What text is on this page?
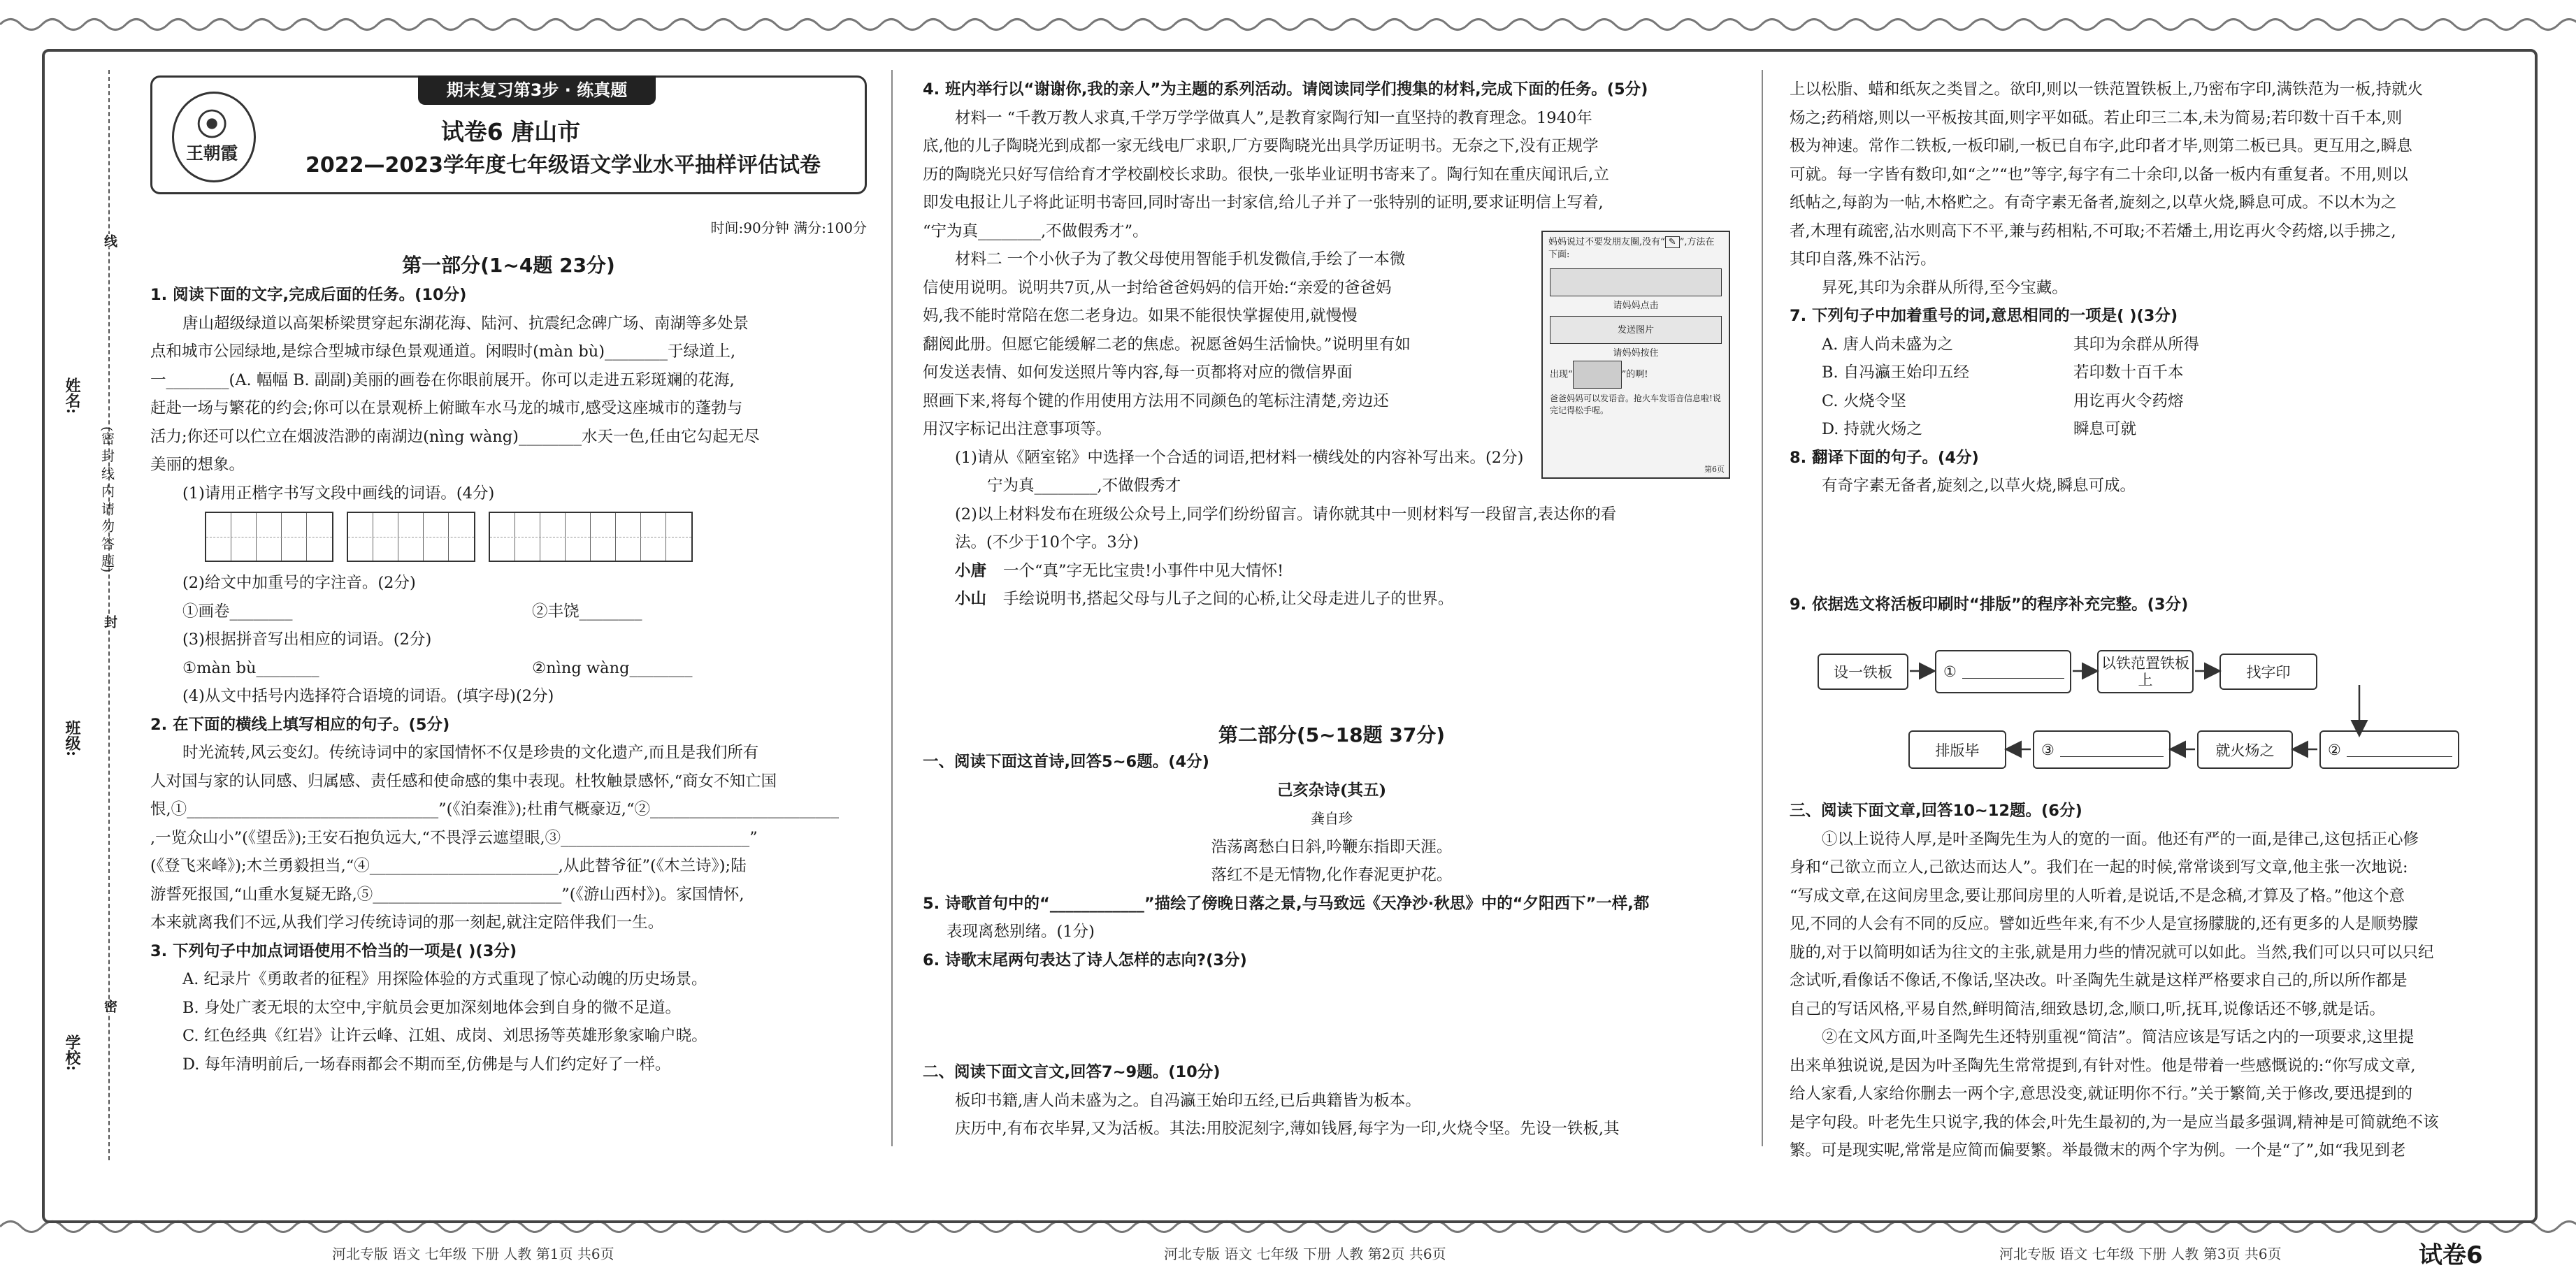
姓名:
班级:
学校:
(密 封 线 内 请 勿 答 题)
线
封
密
期末复习第3步 · 练真题
王朝霞
试卷6 唐山市
2022—2023学年度七年级语文学业水平抽样评估试卷
时间:90分钟 满分:100分
第一部分(1~4题 23分)

1. 阅读下面的文字,完成后面的任务。(10分)

唐山超级绿道以高架桥梁贯穿起东湖花海、陆河、抗震纪念碑广场、南湖等多处景

点和城市公园绿地,是综合型城市绿色景观通道。闲暇时(màn bù)________于绿道上,

一________(A. 幅幅 B. 副副)美丽的画卷在你眼前展开。你可以走进五彩斑斓的花海,

赶赴一场与繁花的约会;你可以在景观桥上俯瞰车水马龙的城市,感受这座城市的蓬勃与

活力;你还可以伫立在烟波浩渺的南湖边(nìng wàng)________水天一色,任由它勾起无尽

美丽的想象。

(1)请用正楷字书写文段中画线的词语。(4分)

(2)给文中加重号的字注音。(2分)

①画卷________	②丰饶________

(3)根据拼音写出相应的词语。(2分)

①màn bù________	②nìng wàng________

(4)从文中括号内选择符合语境的词语。(填字母)(2分)

2. 在下面的横线上填写相应的句子。(5分)

时光流转,风云变幻。传统诗词中的家国情怀不仅是珍贵的文化遗产,而且是我们所有

人对国与家的认同感、归属感、责任感和使命感的集中表现。杜牧触景感怀,“商女不知亡国

恨,①________________________________”(《泊秦淮》);杜甫气概豪迈,“②________________________

,一览众山小”(《望岳》);王安石抱负远大,“不畏浮云遮望眼,③________________________”

(《登飞来峰》);木兰勇毅担当,“④________________________,从此替爷征”(《木兰诗》);陆

游誓死报国,“山重水复疑无路,⑤________________________”(《游山西村》)。家国情怀,

本来就离我们不远,从我们学习传统诗词的那一刻起,就注定陪伴我们一生。

3. 下列句子中加点词语使用不恰当的一项是( )(3分)

A. 纪录片《勇敢者的征程》用探险体验的方式重现了惊心动魄的历史场景。

B. 身处广袤无垠的太空中,宇航员会更加深刻地体会到自身的微不足道。

C. 红色经典《红岩》让许云峰、江姐、成岗、刘思扬等英雄形象家喻户晓。

D. 每年清明前后,一场春雨都会不期而至,仿佛是与人们约定好了一样。

河北专版 语文 七年级 下册 人教 第1页 共6页

4. 班内举行以“谢谢你,我的亲人”为主题的系列活动。请阅读同学们搜集的材料,完成下面的任务。(5分)

材料一 “千教万教人求真,千学万学学做真人”,是教育家陶行知一直坚持的教育理念。1940年

底,他的儿子陶晓光到成都一家无线电厂求职,厂方要陶晓光出具学历证明书。无奈之下,没有正规学

历的陶晓光只好写信给育才学校副校长求助。很快,一张毕业证明书寄来了。陶行知在重庆闻讯后,立

即发电报让儿子将此证明书寄回,同时寄出一封家信,给儿子并了一张特别的证明,要求证明信上写着,

“宁为真________,不做假秀才”。

材料二 一个小伙子为了教父母使用智能手机发微信,手绘了一本微

信使用说明。说明共7页,从一封给爸爸妈妈的信开始:“亲爱的爸爸妈

妈,我不能时常陪在您二老身边。如果不能很快掌握使用,就慢慢

翻阅此册。但愿它能缓解二老的焦虑。祝愿爸妈生活愉快。”说明里有如

何发送表情、如何发送照片等内容,每一页都将对应的微信界面

照画下来,将每个键的作用使用方法用不同颜色的笔标注清楚,旁边还

用汉字标记出注意事项等。

(1)请从《陋室铭》中选择一个合适的词语,把材料一横线处的内容补写出来。(2分)

宁为真________,不做假秀才

(2)以上材料发布在班级公众号上,同学们纷纷留言。请你就其中一则材料写一段留言,表达你的看

法。(不少于10个字。3分)

小唐 一个“真”字无比宝贵!小事件中见大情怀!

小山 手绘说明书,搭起父母与儿子之间的心桥,让父母走进儿子的世界。

妈妈说过不要发朋友圈,没有“ ✎ ”,方法在下面:
请妈妈点击
发送图片
请妈妈按住
出现“	”的啊!
爸爸妈妈可以发语音。抢火车发语音信息啦!说完记得松手喔。
第6页
第二部分(5~18题 37分)

一、阅读下面这首诗,回答5~6题。(4分)

己亥杂诗(其五)

龚自珍

浩荡离愁白日斜,吟鞭东指即天涯。

落红不是无情物,化作春泥更护花。

5. 诗歌首句中的“____________”描绘了傍晚日落之景,与马致远《天净沙·秋思》中的“夕阳西下”一样,都

表现离愁别绪。(1分)

6. 诗歌末尾两句表达了诗人怎样的志向?(3分)

二、阅读下面文言文,回答7~9题。(10分)

板印书籍,唐人尚未盛为之。自冯瀛王始印五经,已后典籍皆为板本。

庆历中,有布衣毕昇,又为活板。其法:用胶泥刻字,薄如钱唇,每字为一印,火烧令坚。先设一铁板,其

河北专版 语文 七年级 下册 人教 第2页 共6页

上以松脂、蜡和纸灰之类冒之。欲印,则以一铁范置铁板上,乃密布字印,满铁范为一板,持就火

炀之;药稍熔,则以一平板按其面,则字平如砥。若止印三二本,未为简易;若印数十百千本,则

极为神速。常作二铁板,一板印刷,一板已自布字,此印者才毕,则第二板已具。更互用之,瞬息

可就。每一字皆有数印,如“之”“也”等字,每字有二十余印,以备一板内有重复者。不用,则以

纸帖之,每韵为一帖,木格贮之。有奇字素无备者,旋刻之,以草火烧,瞬息可成。不以木为之

者,木理有疏密,沾水则高下不平,兼与药相粘,不可取;不若燔土,用讫再火令药熔,以手拂之,

其印自落,殊不沾污。

昇死,其印为余群从所得,至今宝藏。

7. 下列句子中加着重号的词,意思相同的一项是( )(3分)

A. 唐人尚未盛为之	其印为余群从所得

B. 自冯瀛王始印五经	若印数十百千本

C. 火烧令坚	用讫再火令药熔

D. 持就火炀之	瞬息可就

8. 翻译下面的句子。(4分)

有奇字素无备者,旋刻之,以草火烧,瞬息可成。

9. 依据选文将活板印刷时“排版”的程序补充完整。(3分)

设一铁板	①	以铁范置铁板上	找字印
排版毕	③	就火炀之	②

三、阅读下面文章,回答10~12题。(6分)

①以上说待人厚,是叶圣陶先生为人的宽的一面。他还有严的一面,是律己,这包括正心修

身和“己欲立而立人,己欲达而达人”。我们在一起的时候,常常谈到写文章,他主张一次地说:

“写成文章,在这间房里念,要让那间房里的人听着,是说话,不是念稿,才算及了格。”他这个意

见,不同的人会有不同的反应。譬如近些年来,有不少人是宣扬朦胧的,还有更多的人是顺势朦

胧的,对于以简明如话为往文的主张,就是用力些的情况就可以如此。当然,我们可以只可以只纪

念试听,看像话不像话,不像话,坚决改。叶圣陶先生就是这样严格要求自己的,所以所作都是

自己的写话风格,平易自然,鲜明简洁,细致恳切,念,顺口,听,抚耳,说像话还不够,就是话。

②在文风方面,叶圣陶先生还特别重视“简洁”。简洁应该是写话之内的一项要求,这里提

出来单独说说,是因为叶圣陶先生常常提到,有针对性。他是带着一些感慨说的:“你写成文章,

给人家看,人家给你删去一两个字,意思没变,就证明你不行。”关于繁简,关于修改,要迅提到的

是字句段。叶老先生只说字,我的体会,叶先生最初的,为一是应当最多强调,精神是可简就绝不该

繁。可是现实呢,常常是应简而偏要繁。举最微末的两个字为例。一个是“了”,如“我见到老

河北专版 语文 七年级 下册 人教 第3页 共6页	试卷6
